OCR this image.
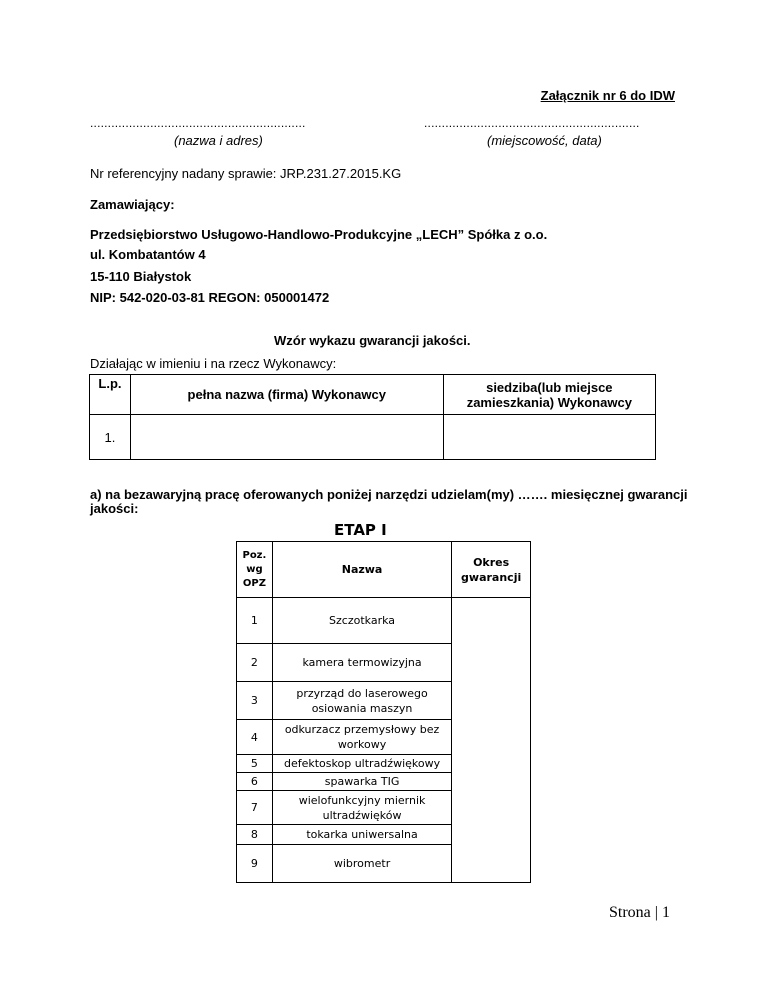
Załącznik nr 6 do IDW
.............................................................
(nazwa i adres)
.............................................................
(miejscowość, data)
Nr referencyjny nadany sprawie: JRP.231.27.2015.KG
Zamawiający:
Przedsiębiorstwo Usługowo-Handlowo-Produkcyjne „LECH” Spółka z o.o.
ul. Kombatantów 4
15-110 Białystok
NIP: 542-020-03-81 REGON: 050001472
Wzór wykazu gwarancji jakości.
Działając w imieniu i na rzecz Wykonawcy:
L.p.	pełna nazwa (firma) Wykonawcy	siedziba(lub miejsce zamieszkania) Wykonawcy
1.		
a) na bezawaryjną pracę oferowanych poniżej narzędzi udzielam(my) ……. miesięcznej gwarancji jakości:
ETAP I
Poz. wg OPZ	Nazwa	Okres gwarancji
1	Szczotkarka	
2	kamera termowizyjna	
3	przyrząd do laserowego osiowania maszyn	
4	odkurzacz przemysłowy bez workowy	
5	defektoskop ultradźwiękowy	
6	spawarka TIG	
7	wielofunkcyjny miernik ultradźwięków	
8	tokarka uniwersalna	
9	wibrometr	
Strona | 1
